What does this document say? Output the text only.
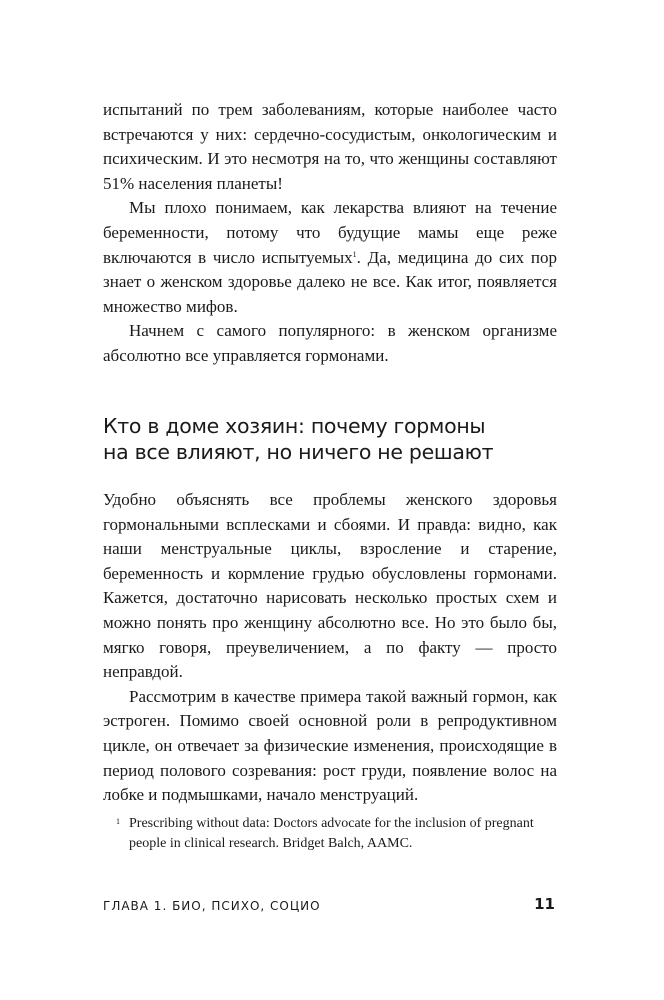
испытаний по трем заболеваниям, которые наиболее часто встречаются у них: сердечно-сосудистым, онкологическим и психическим. И это несмотря на то, что женщины составляют 51% населения планеты!

Мы плохо понимаем, как лекарства влияют на течение беременности, потому что будущие мамы еще реже включаются в число испытуемых$^1$. Да, медицина до сих пор знает о женском здоровье далеко не все. Как итог, появляется множество мифов.

Начнем с самого популярного: в женском организме абсолютно все управляется гормонами.

Кто в доме хозяин: почему гормоны
на все влияют, но ничего не решают

Удобно объяснять все проблемы женского здоровья гормональными всплесками и сбоями. И правда: видно, как наши менструальные циклы, взросление и старение, беременность и кормление грудью обусловлены гормонами. Кажется, достаточно нарисовать несколько простых схем и можно понять про женщину абсолютно все. Но это было бы, мягко говоря, преувеличением, а по факту — просто неправдой.

Рассмотрим в качестве примера такой важный гормон, как эстроген. Помимо своей основной роли в репродуктивном цикле, он отвечает за физические изменения, происходящие в период полового созревания: рост груди, появление волос на лобке и подмышками, начало менструаций.

1 Prescribing without data: Doctors advocate for the inclusion of pregnant
people in clinical research. Bridget Balch, AAMC.
ГЛАВА 1. БИО, ПСИХО, СОЦИО	11
